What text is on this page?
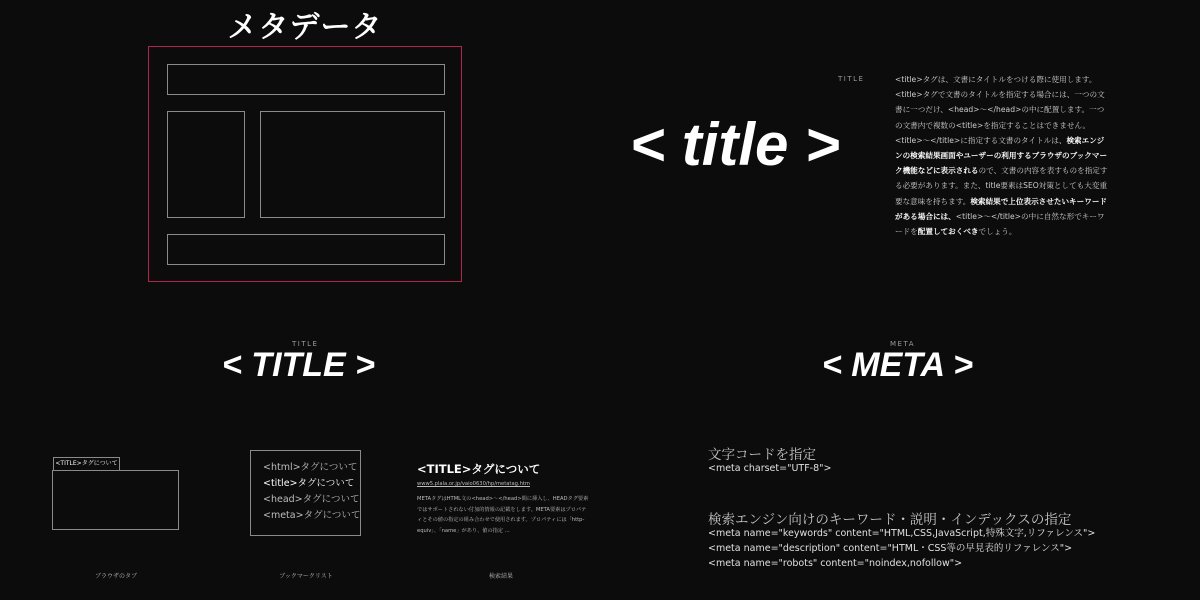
メタデータ
TITLE
< title >

<title>タグは、文書にタイトルをつける際に使用します。<title>タグで文書のタイトルを指定する場合には、一つの文書に一つだけ、<head>〜</head>の中に配置します。一つの文書内で複数の<title>を指定することはできません。<title>〜</title>に指定する文書のタイトルは、検索エンジンの検索結果画面やユーザーの利用するブラウザのブックマーク機能などに表示されるので、文書の内容を表すものを指定する必要があります。また、title要素はSEO対策としても大変重要な意味を持ちます。検索結果で上位表示させたいキーワードがある場合には、<title>〜</title>の中に自然な形でキーワードを配置しておくべきでしょう。

TITLE
< TITLE >
<TITLE>タグについて
ブラウザのタブ
<html>タグについて
<title>タグについて
<head>タグについて
<meta>タグについて
ブックマークリスト
<TITLE>タグについて
www5.plala.or.jp/vaio0630/hp/metatag.htm

METAタグはHTML文の<head>〜</head>間に挿入し、HEADタグ要素ではサポートされない付加的情報の記載をします。META要素はプロパティとその値の指定の組み合わせで使用されます。プロパティには「http-equiv」、「name」があり、値の指定 ...

検索結果
META
< META >
文字コードを指定
<meta charset="UTF-8">
検索エンジン向けのキーワード・説明・インデックスの指定
<meta name="keywords" content="HTML,CSS,JavaScript,特殊文字,リファレンス">
<meta name="description" content="HTML・CSS等の早見表的リファレンス">
<meta name="robots" content="noindex,nofollow">
